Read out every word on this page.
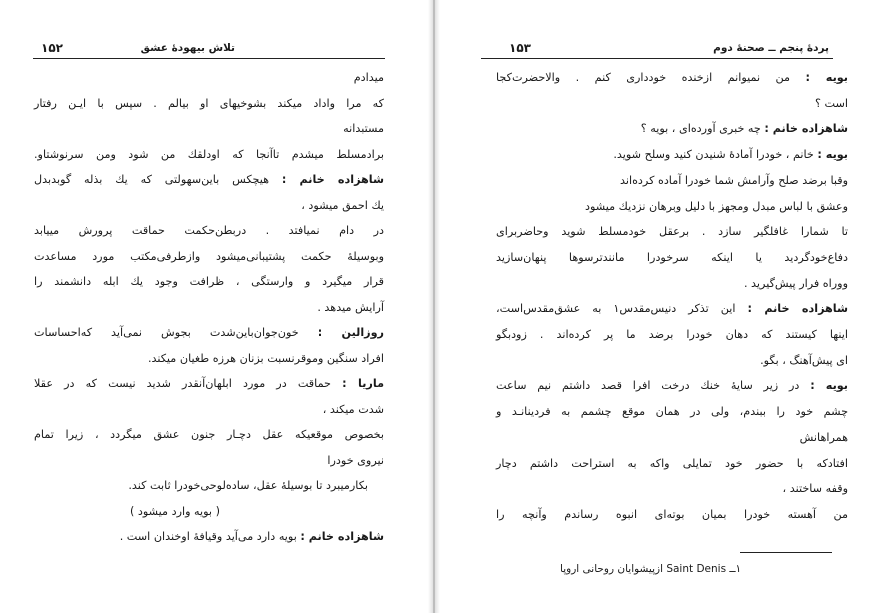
تلاش بيهودۀ عشق
۱۵۲
ميدادم
كه مرا واداد ميكند بشوخيهاى او بيالم . سپس با ايـن رفتار
مستبدانه
برادمسلط ميشدم تاآنجا كه اودلقك من شود ومن سرنوشتاو.
شاهزاده خانم : هيچكس باين‌سهولتى كه يك بذله گوبدبدل
يك احمق ميشود ،
در دام نميافتد . دربطن‌حكمت حماقت پرورش مييابد
وبوسيلۀ حكمت پشتيبانى‌ميشود وازطرفى‌مكتب مورد مساعدت
قرار ميگيرد و وارستگى ، ظرافت وجود يك ابله دانشمند را
آرايش ميدهد .
روزالين : خون‌جوان‌باين‌شدت بجوش نمى‌آيد كه‌احساسات
افراد سنگين وموقرنسبت بزنان هرزه طغيان ميكند.
ماريا : حماقت در مورد ابلهان‌آنقدر شديد نيست كه در عقلا
شدت ميكند ،
بخصوص موقعيكه عقل دچـار جنون عشق ميگردد ، زيرا تمام
نيروى خودرا
بكارميبرد تا بوسيلۀ عقل، ساده‌لوحى‌خودرا ثابت كند.
( بويه وارد ميشود )
شاهزاده خانم : بويه دارد مى‌آيد وقيافۀ اوخندان است .
پردۀ پنجم ــ صحنۀ دوم
۱۵۳
بويه : من نميوانم ازخنده خوددارى كنم . والاحضرت‌كجا
است ؟
شاهزاده خانم : چه خبرى آورده‌اى ، بويه ؟
بويه : خانم ، خودرا آمادۀ شنيدن كنيد وسلح شويد.
وقبا برضد صلح وآرامش شما خودرا آماده كرده‌اند
وعشق با لباس مبدل ومجهز با دليل وبرهان نزديك ميشود
تا شمارا غافلگير سازد . برعقل خودمسلط شويد وحاضربراى
دفاع‌خودگرديد يا اينكه سرخودرا مانندترسوها پنهان‌سازيد
ووراه فرار پيش‌گيريد .
شاهزاده خانم : اين تذكر دنيس‌مقدس١ به عشق‌مقدس‌است،
اينها كيستند كه دهان خودرا برضد ما پر كرده‌اند . زودبگو
اى پيش‌آهنگ ، بگو.
بويه : در زير سايۀ خنك درخت افرا قصد داشتم نيم ساعت
چشم خود را ببندم، ولى در همان موقع چشمم به فردينانـد و
همراهانش
افتادكه با حضور خود تمايلى واكه به استراحت داشتم دچار
وقفه ساختند ،
من آهسته خودرا بميان بوته‌اى انبوه رساندم وآنچه را
١ــ Saint Denis ازپيشوايان روحانى اروپا
